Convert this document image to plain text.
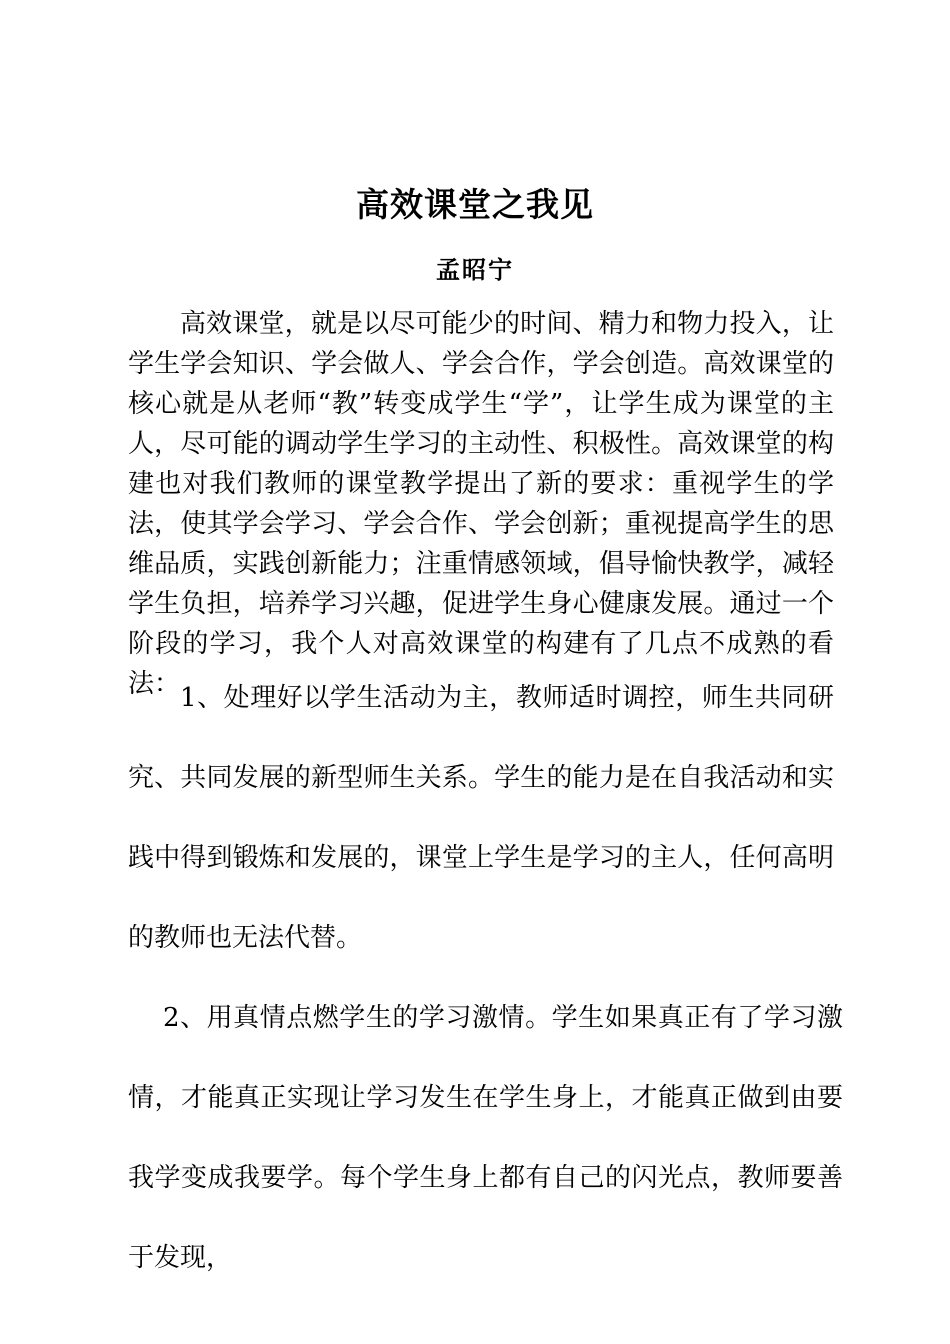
高效课堂之我见
孟昭宁

高效课堂，就是以尽可能少的时间、精力和物力投入，让学生学会知识、学会做人、学会合作，学会创造。高效课堂的核心就是从老师“教”转变成学生“学”，让学生成为课堂的主人，尽可能的调动学生学习的主动性、积极性。高效课堂的构建也对我们教师的课堂教学提出了新的要求：重视学生的学法，使其学会学习、学会合作、学会创新；重视提高学生的思维品质，实践创新能力；注重情感领域，倡导愉快教学，减轻学生负担，培养学习兴趣，促进学生身心健康发展。通过一个阶段的学习，我个人对高效课堂的构建有了几点不成熟的看法： 1、处理好以学生活动为主，教师适时调控，师生共同研究、共同发展的新型师生关系。学生的能力是在自我活动和实践中得到锻炼和发展的，课堂上学生是学习的主人，任何高明的教师也无法代替。

2、用真情点燃学生的学习激情。学生如果真正有了学习激情，才能真正实现让学习发生在学生身上，才能真正做到由要我学变成我要学。每个学生身上都有自己的闪光点，教师要善于发现，
